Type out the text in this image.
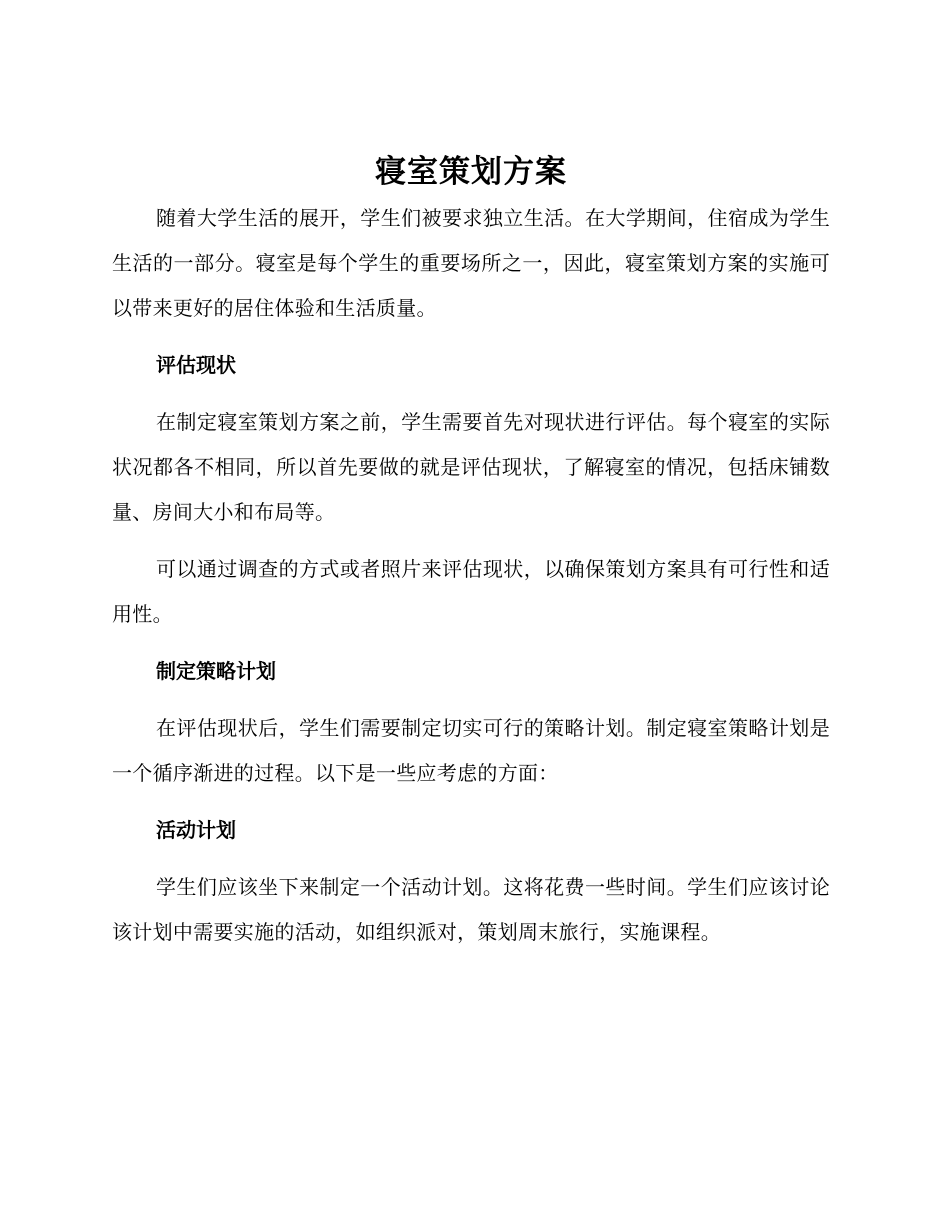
寝室策划方案

随着大学生活的展开，学生们被要求独立生活。在大学期间，住宿成为学生生活的一部分。寝室是每个学生的重要场所之一，因此，寝室策划方案的实施可以带来更好的居住体验和生活质量。

评估现状

在制定寝室策划方案之前，学生需要首先对现状进行评估。每个寝室的实际状况都各不相同，所以首先要做的就是评估现状，了解寝室的情况，包括床铺数量、房间大小和布局等。

可以通过调查的方式或者照片来评估现状，以确保策划方案具有可行性和适用性。

制定策略计划

在评估现状后，学生们需要制定切实可行的策略计划。制定寝室策略计划是一个循序渐进的过程。以下是一些应考虑的方面：

活动计划

学生们应该坐下来制定一个活动计划。这将花费一些时间。学生们应该讨论该计划中需要实施的活动，如组织派对，策划周末旅行，实施课程。
